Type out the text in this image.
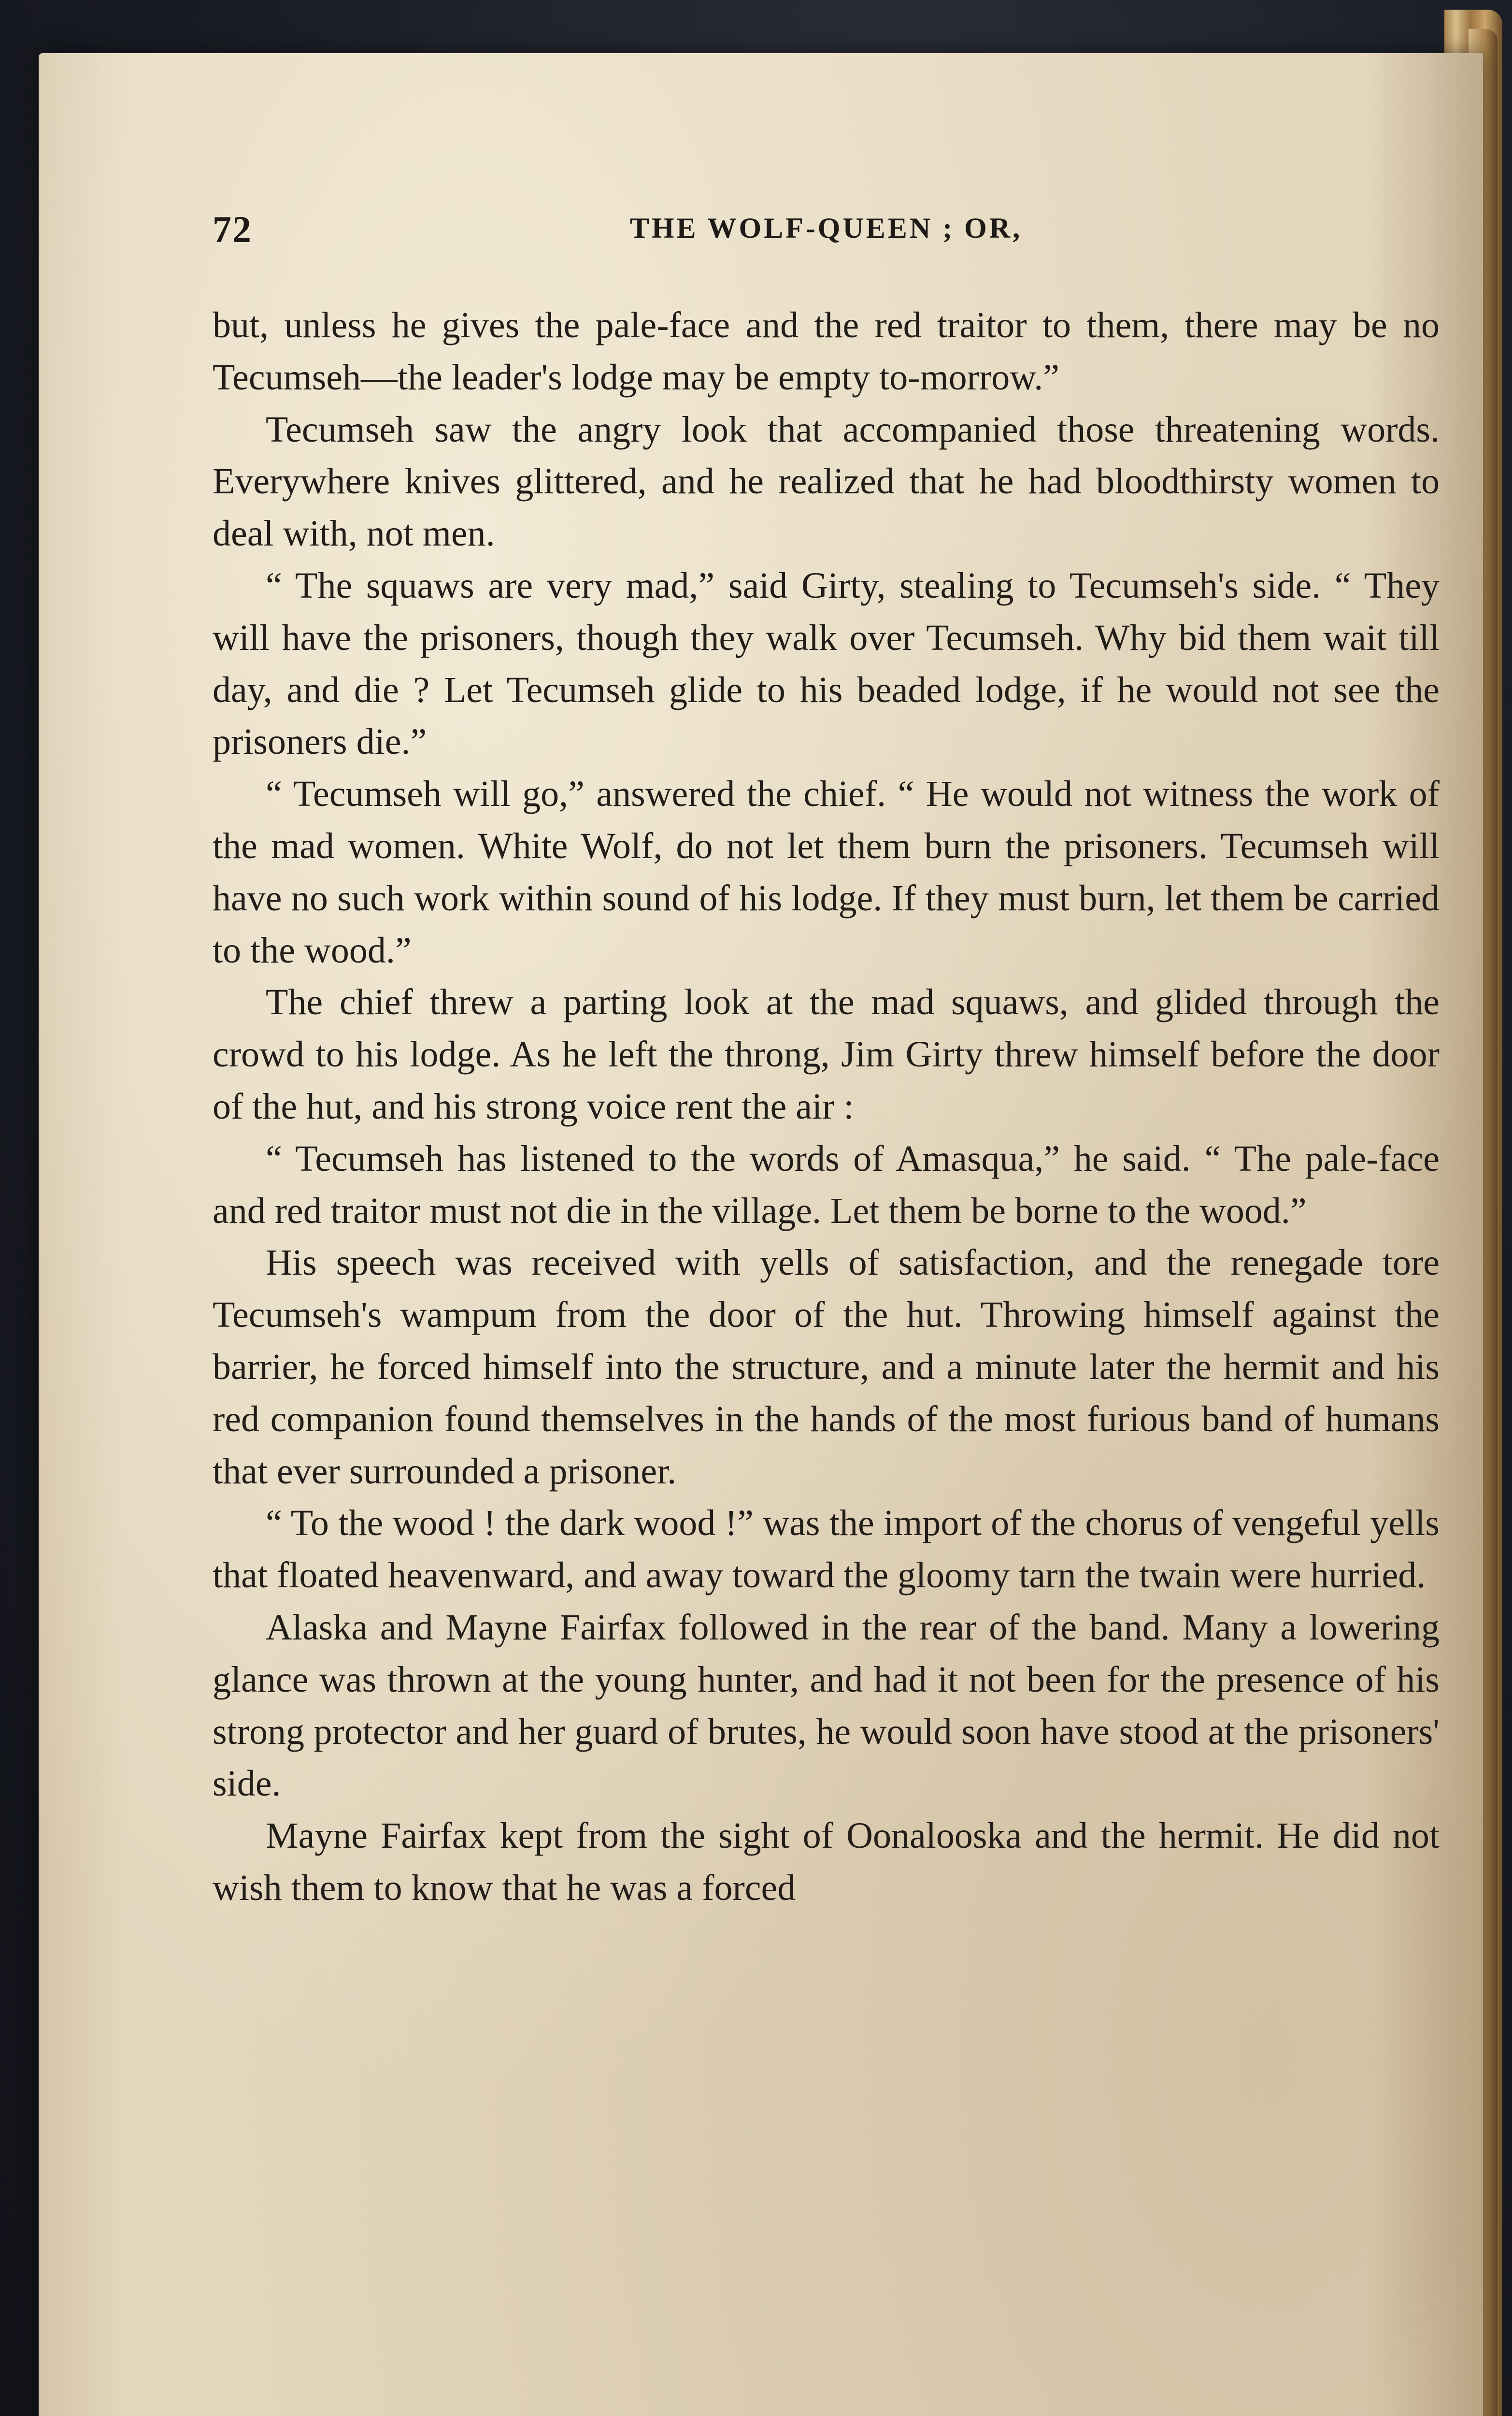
72	THE WOLF-QUEEN ; OR,

but, unless he gives the pale-face and the red traitor to them, there may be no Tecumseh—the leader's lodge may be empty to-morrow.”

Tecumseh saw the angry look that accompanied those threatening words. Everywhere knives glittered, and he realized that he had bloodthirsty women to deal with, not men.

“ The squaws are very mad,” said Girty, stealing to Tecumseh's side. “ They will have the prisoners, though they walk over Tecumseh. Why bid them wait till day, and die ? Let Tecumseh glide to his beaded lodge, if he would not see the prisoners die.”

“ Tecumseh will go,” answered the chief. “ He would not witness the work of the mad women. White Wolf, do not let them burn the prisoners. Tecumseh will have no such work within sound of his lodge. If they must burn, let them be carried to the wood.”

The chief threw a parting look at the mad squaws, and glided through the crowd to his lodge. As he left the throng, Jim Girty threw himself before the door of the hut, and his strong voice rent the air :

“ Tecumseh has listened to the words of Amasqua,” he said. “ The pale-face and red traitor must not die in the village. Let them be borne to the wood.”

His speech was received with yells of satisfaction, and the renegade tore Tecumseh's wampum from the door of the hut. Throwing himself against the barrier, he forced himself into the structure, and a minute later the hermit and his red companion found themselves in the hands of the most furious band of humans that ever surrounded a prisoner.

“ To the wood ! the dark wood !” was the import of the chorus of vengeful yells that floated heavenward, and away toward the gloomy tarn the twain were hurried.

Alaska and Mayne Fairfax followed in the rear of the band. Many a lowering glance was thrown at the young hunter, and had it not been for the presence of his strong protector and her guard of brutes, he would soon have stood at the prisoners' side.

Mayne Fairfax kept from the sight of Oonalooska and the hermit. He did not wish them to know that he was a forced
